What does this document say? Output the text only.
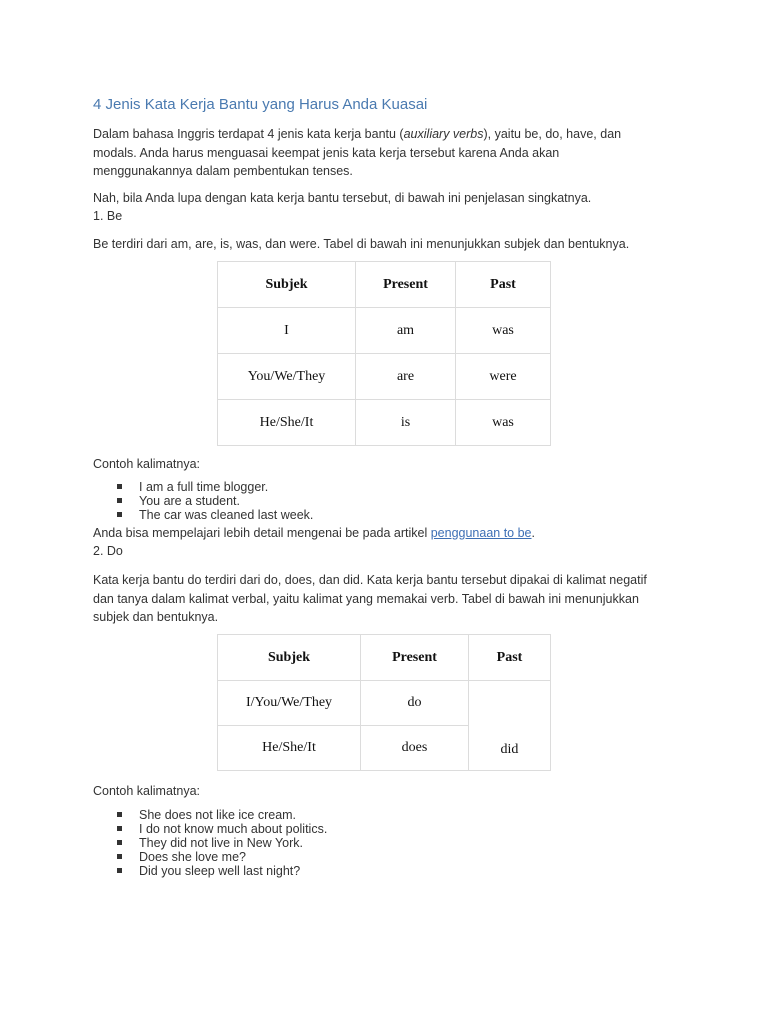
4 Jenis Kata Kerja Bantu yang Harus Anda Kuasai
Dalam bahasa Inggris terdapat 4 jenis kata kerja bantu (auxiliary verbs), yaitu be, do, have, dan
modals. Anda harus menguasai keempat jenis kata kerja tersebut karena Anda akan
menggunakannya dalam pembentukan tenses.
Nah, bila Anda lupa dengan kata kerja bantu tersebut, di bawah ini penjelasan singkatnya.
1. Be
Be terdiri dari am, are, is, was, dan were. Tabel di bawah ini menunjukkan subjek dan bentuknya.
Subjek	Present	Past
I	am	was
You/We/They	are	were
He/She/It	is	was
Contoh kalimatnya:
I am a full time blogger.
You are a student.
The car was cleaned last week.
Anda bisa mempelajari lebih detail mengenai be pada artikel penggunaan to be.
2. Do
Kata kerja bantu do terdiri dari do, does, dan did. Kata kerja bantu tersebut dipakai di kalimat negatif
dan tanya dalam kalimat verbal, yaitu kalimat yang memakai verb. Tabel di bawah ini menunjukkan
subjek dan bentuknya.
Subjek	Present	Past
I/You/We/They	do	did
He/She/It	does	
Contoh kalimatnya:
She does not like ice cream.
I do not know much about politics.
They did not live in New York.
Does she love me?
Did you sleep well last night?
